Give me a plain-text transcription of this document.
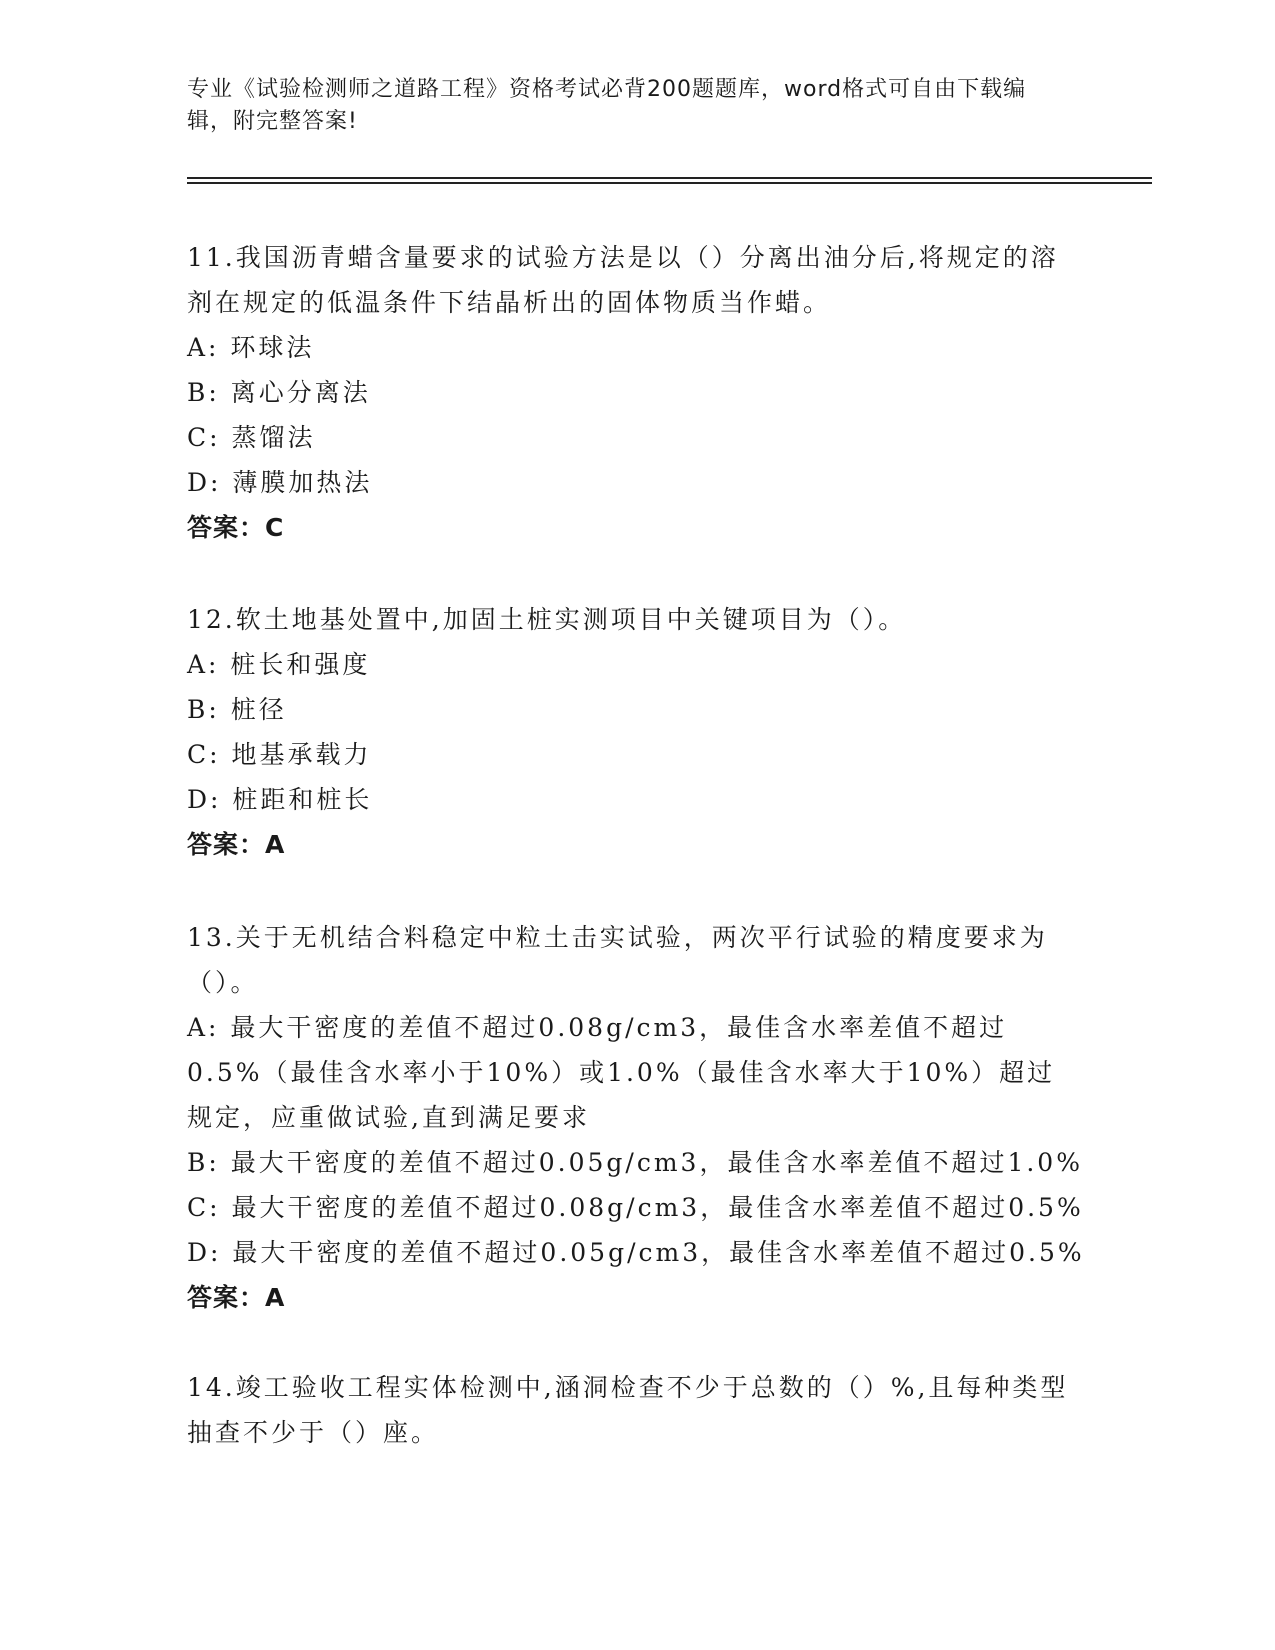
专业《试验检测师之道路工程》资格考试必背200题题库，word格式可自由下载编辑，附完整答案!
11.我国沥青蜡含量要求的试验方法是以（）分离出油分后,将规定的溶剂在规定的低温条件下结晶析出的固体物质当作蜡。
A: 环球法
B: 离心分离法
C: 蒸馏法
D: 薄膜加热法
答案：C
12.软土地基处置中,加固土桩实测项目中关键项目为（）。
A: 桩长和强度
B: 桩径
C: 地基承载力
D: 桩距和桩长
答案：A
13.关于无机结合料稳定中粒土击实试验，两次平行试验的精度要求为（）。
A: 最大干密度的差值不超过0.08g/cm3，最佳含水率差值不超过0.5%（最佳含水率小于10%）或1.0%（最佳含水率大于10%）超过规定，应重做试验,直到满足要求
B: 最大干密度的差值不超过0.05g/cm3，最佳含水率差值不超过1.0%
C: 最大干密度的差值不超过0.08g/cm3，最佳含水率差值不超过0.5%
D: 最大干密度的差值不超过0.05g/cm3，最佳含水率差值不超过0.5%
答案：A
14.竣工验收工程实体检测中,涵洞检查不少于总数的（）%,且每种类型抽查不少于（）座。
